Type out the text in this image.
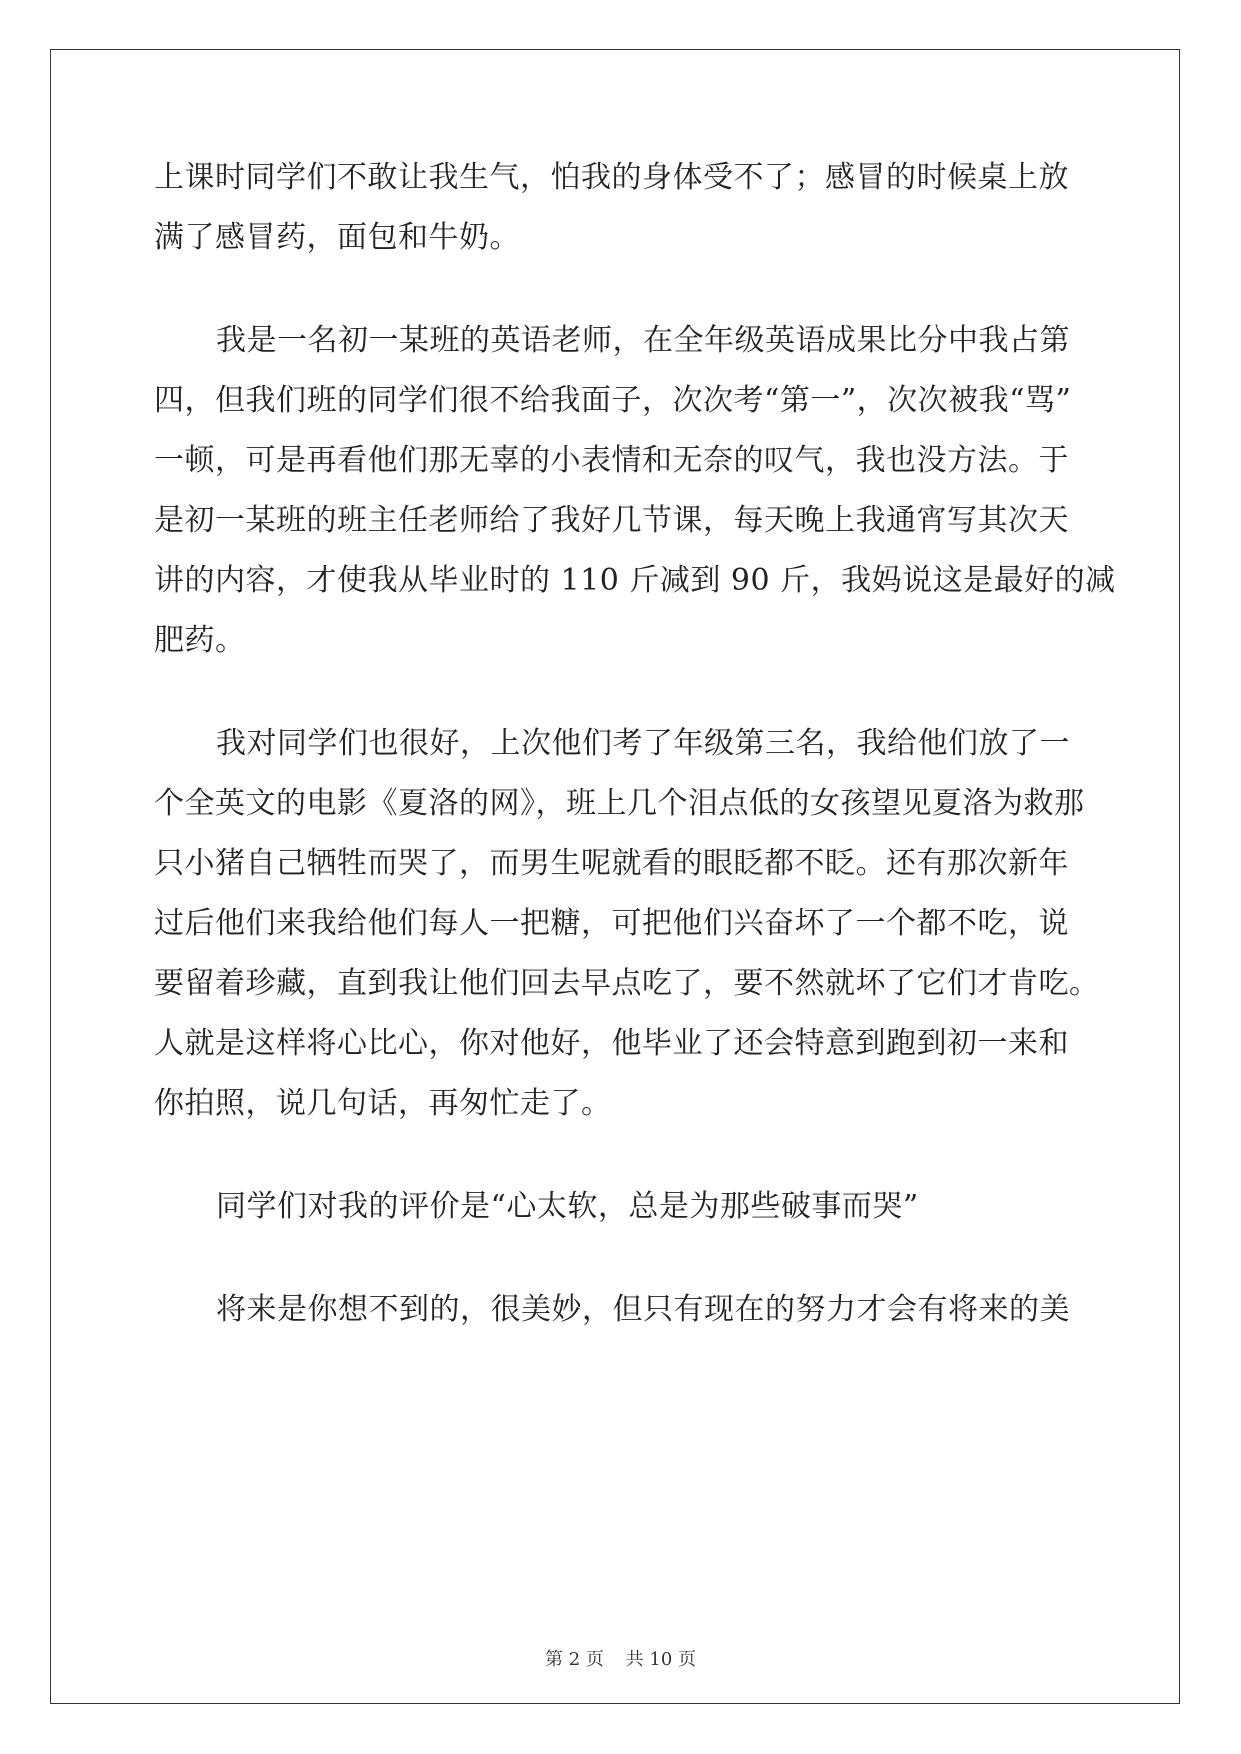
上课时同学们不敢让我生气，怕我的身体受不了；感冒的时候桌上放
满了感冒药，面包和牛奶。
我是一名初一某班的英语老师，在全年级英语成果比分中我占第
四，但我们班的同学们很不给我面子，次次考“第一”，次次被我“骂”
一顿，可是再看他们那无辜的小表情和无奈的叹气，我也没方法。于
是初一某班的班主任老师给了我好几节课，每天晚上我通宵写其次天
讲的内容，才使我从毕业时的 110 斤减到 90 斤，我妈说这是最好的减
肥药。
我对同学们也很好，上次他们考了年级第三名，我给他们放了一
个全英文的电影《夏洛的网》，班上几个泪点低的女孩望见夏洛为救那
只小猪自己牺牲而哭了，而男生呢就看的眼眨都不眨。还有那次新年
过后他们来我给他们每人一把糖，可把他们兴奋坏了一个都不吃，说
要留着珍藏，直到我让他们回去早点吃了，要不然就坏了它们才肯吃。
人就是这样将心比心，你对他好，他毕业了还会特意到跑到初一来和
你拍照，说几句话，再匆忙走了。
同学们对我的评价是“心太软，总是为那些破事而哭”
将来是你想不到的，很美妙，但只有现在的努力才会有将来的美
第 2 页 共 10 页
